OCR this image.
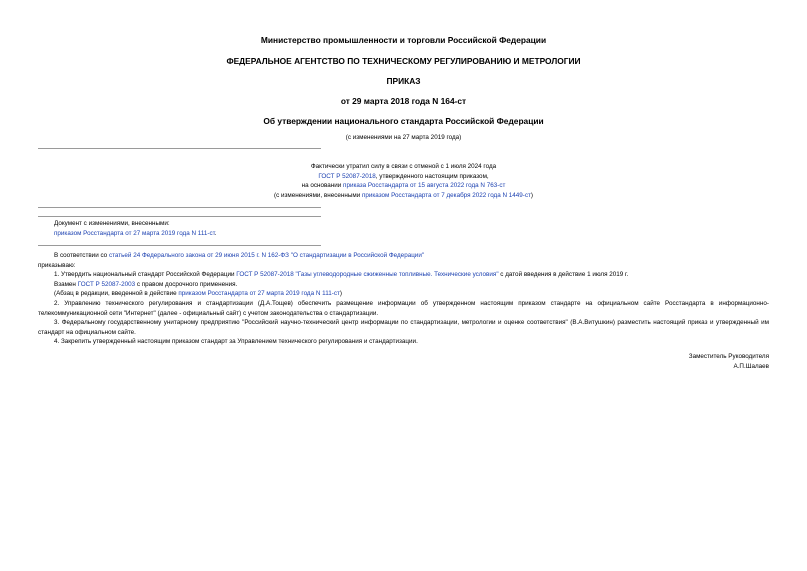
Министерство промышленности и торговли Российской Федерации
ФЕДЕРАЛЬНОЕ АГЕНТСТВО ПО ТЕХНИЧЕСКОМУ РЕГУЛИРОВАНИЮ И МЕТРОЛОГИИ
ПРИКАЗ
от 29 марта 2018 года N 164-ст
Об утверждении национального стандарта Российской Федерации
(с изменениями на 27 марта 2019 года)

Фактически утратил силу в связи с отменой с 1 июля 2024 года

ГОСТ Р 52087-2018, утвержденного настоящим приказом,

на основании приказа Росстандарта от 15 августа 2022 года N 763-ст

(с изменениями, внесенными приказом Росстандарта от 7 декабря 2022 года N 1449-ст)

Документ с изменениями, внесенными:

приказом Росстандарта от 27 марта 2019 года N 111-ст.

В соответствии со статьей 24 Федерального закона от 29 июня 2015 г. N 162-ФЗ "О стандартизации в Российской Федерации"

приказываю:

1. Утвердить национальный стандарт Российской Федерации ГОСТ Р 52087-2018 "Газы углеводородные сжиженные топливные. Технические условия" с датой введения в действие 1 июля 2019 г.

Взамен ГОСТ Р 52087-2003 с правом досрочного применения.

(Абзац в редакции, введенной в действие приказом Росстандарта от 27 марта 2019 года N 111-ст)

2. Управлению технического регулирования и стандартизации (Д.А.Тощев) обеспечить размещение информации об утвержденном настоящим приказом стандарте на официальном сайте Росстандарта в информационно-телекоммуникационной сети "Интернет" (далее - официальный сайт) с учетом законодательства о стандартизации.

3. Федеральному государственному унитарному предприятию "Российский научно-технический центр информации по стандартизации, метрологии и оценке соответствия" (В.А.Витушкин) разместить настоящий приказ и утвержденный им стандарт на официальном сайте.

4. Закрепить утвержденный настоящим приказом стандарт за Управлением технического регулирования и стандартизации.

Заместитель Руководителя

А.П.Шалаев
